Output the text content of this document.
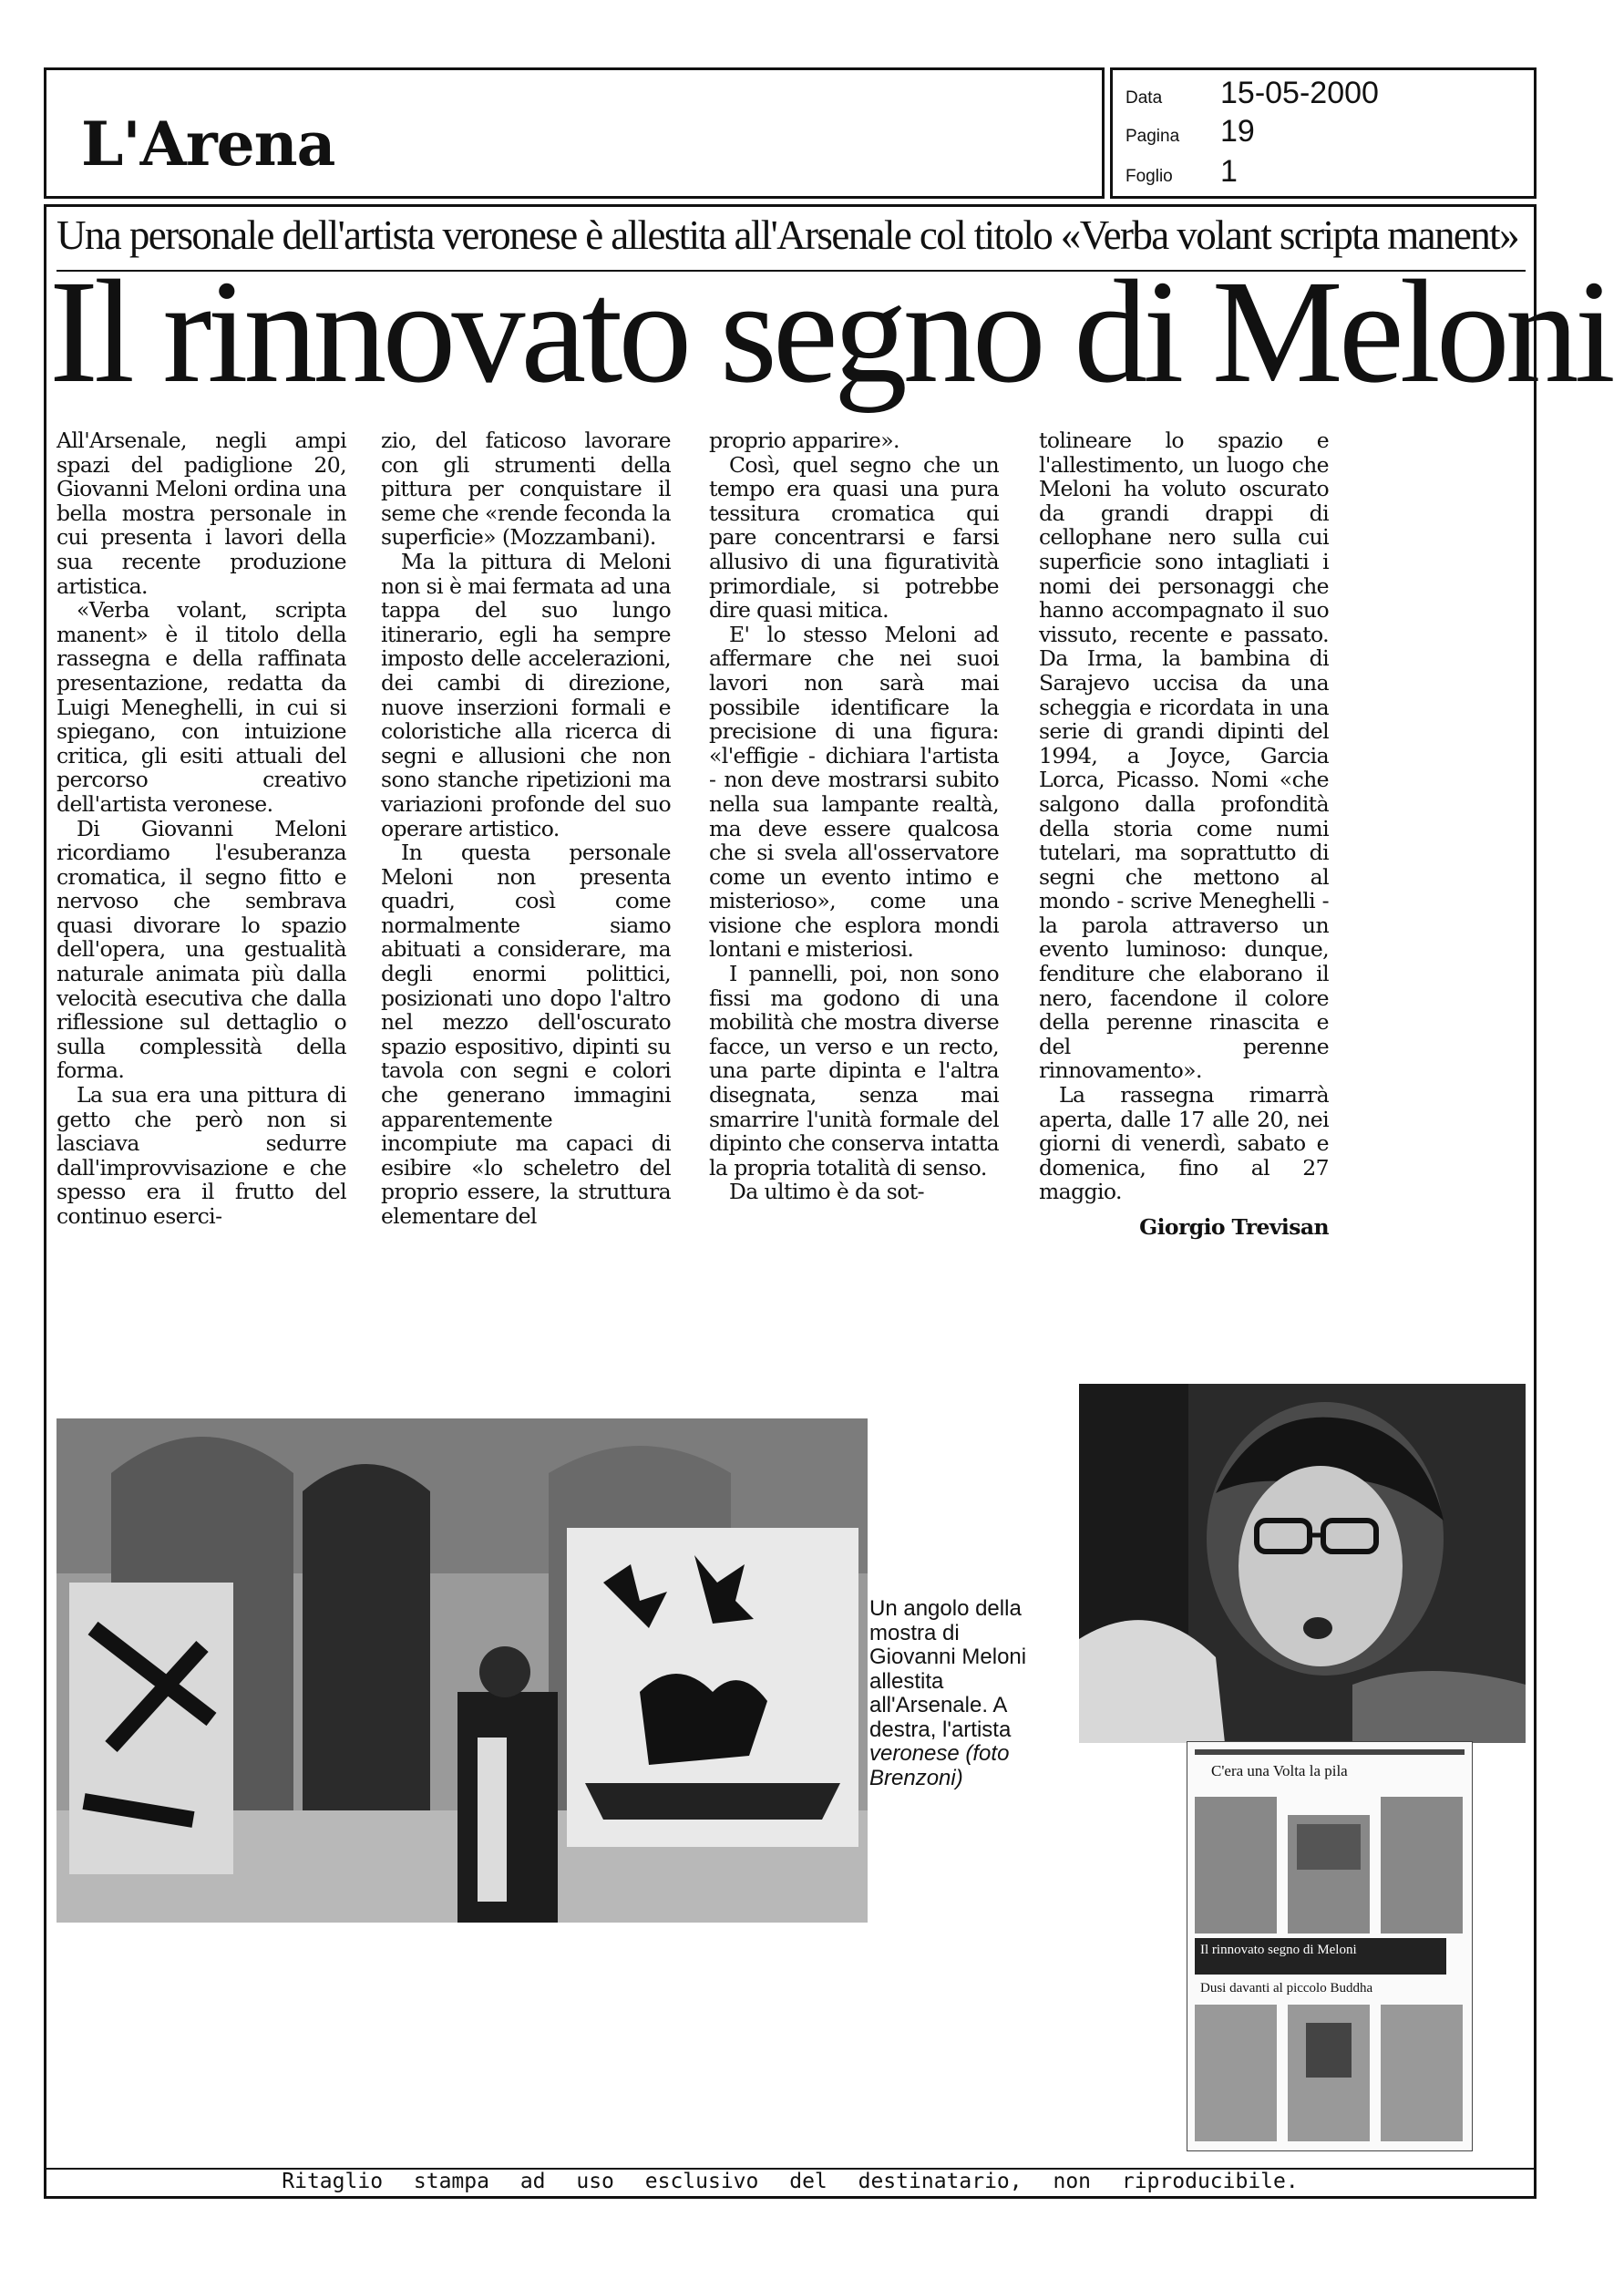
L'Arena
Data 15-05-2000
Pagina 19
Foglio 1
Una personale dell'artista veronese è allestita all'Arsenale col titolo «Verba volant scripta manent»
Il rinnovato segno di Meloni

All'Arsenale, negli ampi spazi del padiglione 20, Giovanni Meloni ordina una bella mostra personale in cui presenta i lavori della sua recente produzione artistica.

«Verba volant, scripta manent» è il titolo della rassegna e della raffinata presentazione, redatta da Luigi Meneghelli, in cui si spiegano, con intuizione critica, gli esiti attuali del percorso creativo dell'artista veronese.

Di Giovanni Meloni ricordiamo l'esuberanza cromatica, il segno fitto e nervoso che sembrava quasi divorare lo spazio dell'opera, una gestualità naturale animata più dalla velocità esecutiva che dalla riflessione sul dettaglio o sulla complessità della forma.

La sua era una pittura di getto che però non si lasciava sedurre dall'improvvisazione e che spesso era il frutto del continuo eserci-

zio, del faticoso lavorare con gli strumenti della pittura per conquistare il seme che «rende feconda la superficie» (Mozzambani).

Ma la pittura di Meloni non si è mai fermata ad una tappa del suo lungo itinerario, egli ha sempre imposto delle accelerazioni, dei cambi di direzione, nuove inserzioni formali e coloristiche alla ricerca di segni e allusioni che non sono stanche ripetizioni ma variazioni profonde del suo operare artistico.

In questa personale Meloni non presenta quadri, così come normalmente siamo abituati a considerare, ma degli enormi polittici, posizionati uno dopo l'altro nel mezzo dell'oscurato spazio espositivo, dipinti su tavola con segni e colori che generano immagini apparentemente incompiute ma capaci di esibire «lo scheletro del proprio essere, la struttura elementare del

proprio apparire».

Così, quel segno che un tempo era quasi una pura tessitura cromatica qui pare concentrarsi e farsi allusivo di una figuratività primordiale, si potrebbe dire quasi mitica.

E' lo stesso Meloni ad affermare che nei suoi lavori non sarà mai possibile identificare la precisione di una figura: «l'effigie - dichiara l'artista - non deve mostrarsi subito nella sua lampante realtà, ma deve essere qualcosa che si svela all'osservatore come un evento intimo e misterioso», come una visione che esplora mondi lontani e misteriosi.

I pannelli, poi, non sono fissi ma godono di una mobilità che mostra diverse facce, un verso e un recto, una parte dipinta e l'altra disegnata, senza mai smarrire l'unità formale del dipinto che conserva intatta la propria totalità di senso.

Da ultimo è da sot-

tolineare lo spazio e l'allestimento, un luogo che Meloni ha voluto oscurato da grandi drappi di cellophane nero sulla cui superficie sono intagliati i nomi dei personaggi che hanno accompagnato il suo vissuto, recente e passato. Da Irma, la bambina di Sarajevo uccisa da una scheggia e ricordata in una serie di grandi dipinti del 1994, a Joyce, Garcia Lorca, Picasso. Nomi «che salgono dalla profondità della storia come numi tutelari, ma soprattutto di segni che mettono al mondo - scrive Meneghelli - la parola attraverso un evento luminoso: dunque, fenditure che elaborano il nero, facendone il colore della perenne rinascita e del perenne rinnovamento».

La rassegna rimarrà aperta, dalle 17 alle 20, nei giorni di venerdì, sabato e domenica, fino al 27 maggio.

Giorgio Trevisan

Un angolo della mostra di Giovanni Meloni allestita all'Arsenale. A destra, l'artista veronese (foto Brenzoni)	C'era una Volta la pila
Il rinnovato segno di Meloni
Dusi davanti al piccolo Buddha
Ritaglio stampa ad uso esclusivo del destinatario, non riproducibile.
